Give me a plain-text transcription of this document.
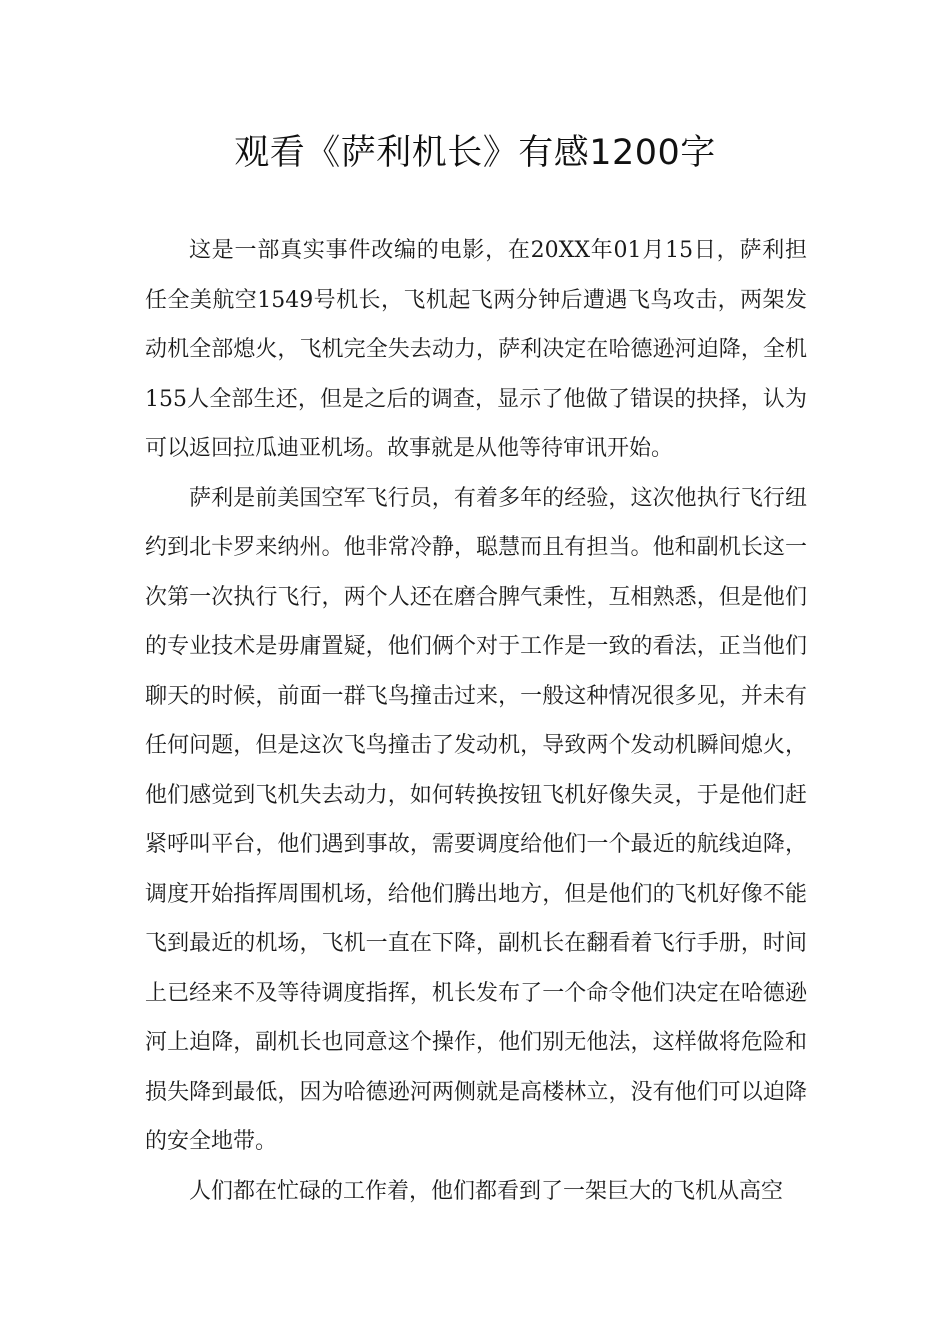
观看《萨利机长》有感1200字

这是一部真实事件改编的电影，在20XX年01月15日，萨利担任全美航空1549号机长，飞机起飞两分钟后遭遇飞鸟攻击，两架发动机全部熄火，飞机完全失去动力，萨利决定在哈德逊河迫降，全机155人全部生还，但是之后的调查，显示了他做了错误的抉择，认为可以返回拉瓜迪亚机场。故事就是从他等待审讯开始。

萨利是前美国空军飞行员，有着多年的经验，这次他执行飞行纽约到北卡罗来纳州。他非常冷静，聪慧而且有担当。他和副机长这一次第一次执行飞行，两个人还在磨合脾气秉性，互相熟悉，但是他们的专业技术是毋庸置疑，他们俩个对于工作是一致的看法，正当他们聊天的时候，前面一群飞鸟撞击过来，一般这种情况很多见，并未有任何问题，但是这次飞鸟撞击了发动机，导致两个发动机瞬间熄火，他们感觉到飞机失去动力，如何转换按钮飞机好像失灵，于是他们赶紧呼叫平台，他们遇到事故，需要调度给他们一个最近的航线迫降，调度开始指挥周围机场，给他们腾出地方，但是他们的飞机好像不能飞到最近的机场，飞机一直在下降，副机长在翻看着飞行手册，时间上已经来不及等待调度指挥，机长发布了一个命令他们决定在哈德逊河上迫降，副机长也同意这个操作，他们别无他法，这样做将危险和损失降到最低，因为哈德逊河两侧就是高楼林立，没有他们可以迫降的安全地带。

人们都在忙碌的工作着，他们都看到了一架巨大的飞机从高空
